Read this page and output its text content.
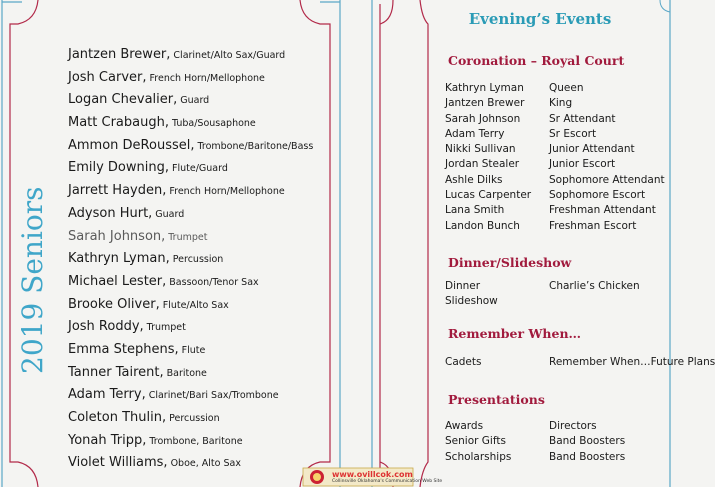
2019 Seniors
Jantzen Brewer, Clarinet/Alto Sax/Guard
Josh Carver, French Horn/Mellophone
Logan Chevalier, Guard
Matt Crabaugh, Tuba/Sousaphone
Ammon DeRoussel, Trombone/Baritone/Bass
Emily Downing, Flute/Guard
Jarrett Hayden, French Horn/Mellophone
Adyson Hurt, Guard
Sarah Johnson, Trumpet
Kathryn Lyman, Percussion
Michael Lester, Bassoon/Tenor Sax
Brooke Oliver, Flute/Alto Sax
Josh Roddy, Trumpet
Emma Stephens, Flute
Tanner Tairent, Baritone
Adam Terry, Clarinet/Bari Sax/Trombone
Coleton Thulin, Percussion
Yonah Tripp, Trombone, Baritone
Violet Williams, Oboe, Alto Sax
Evening’s Events
Coronation – Royal Court
Kathryn Lyman	Queen
Jantzen Brewer	King
Sarah Johnson	Sr Attendant
Adam Terry	Sr Escort
Nikki Sullivan	Junior Attendant
Jordan Stealer	Junior Escort
Ashle Dilks	Sophomore Attendant
Lucas Carpenter	Sophomore Escort
Lana Smith	Freshman Attendant
Landon Bunch	Freshman Escort
Dinner/Slideshow
Dinner	Charlie’s Chicken
Slideshow
Remember When…
Cadets	Remember When…Future Plans
Presentations
Awards	Directors
Senior Gifts	Band Boosters
Scholarships	Band Boosters
www.ovillcok.com
Collinsville Oklahoma's Communication Web Site
